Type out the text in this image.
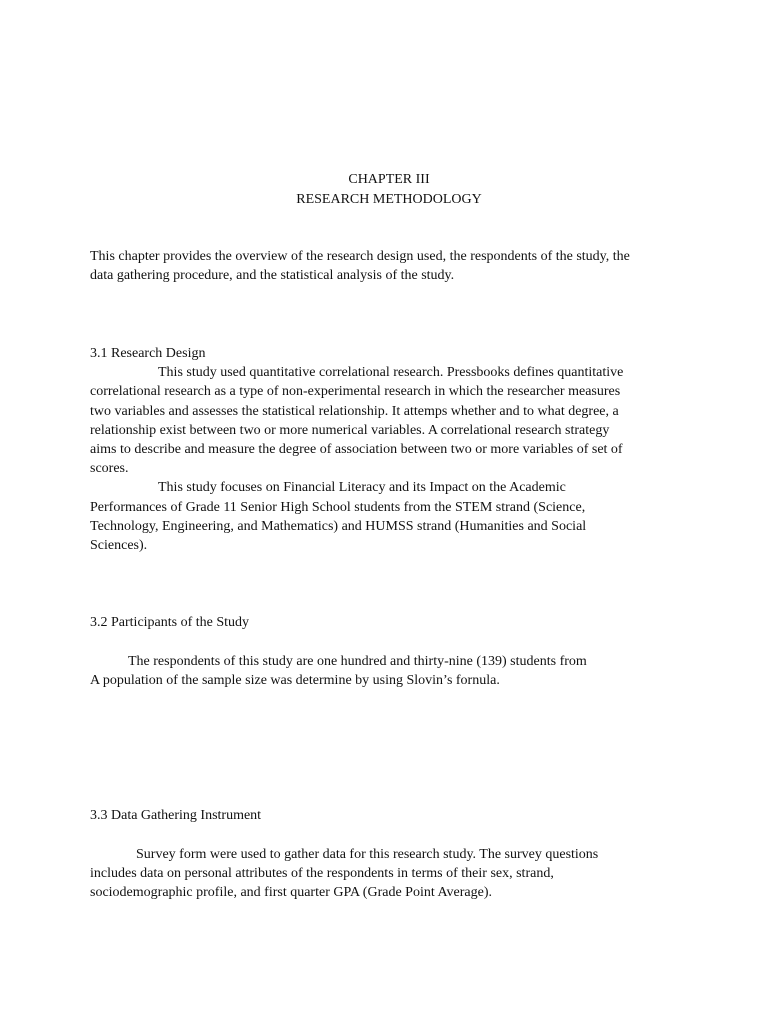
CHAPTER III
RESEARCH METHODOLOGY
This chapter provides the overview of the research design used, the respondents of the study, the
data gathering procedure, and the statistical analysis of the study.
3.1 Research Design
This study used quantitative correlational research. Pressbooks defines quantitative
correlational research as a type of non-experimental research in which the researcher measures
two variables and assesses the statistical relationship. It attemps whether and to what degree, a
relationship exist between two or more numerical variables. A correlational research strategy
aims to describe and measure the degree of association between two or more variables of set of
scores.
This study focuses on Financial Literacy and its Impact on the Academic
Performances of Grade 11 Senior High School students from the STEM strand (Science,
Technology, Engineering, and Mathematics) and HUMSS strand (Humanities and Social
Sciences).
3.2 Participants of the Study
The respondents of this study are one hundred and thirty-nine (139) students from
A population of the sample size was determine by using Slovin’s fornula.
3.3 Data Gathering Instrument
Survey form were used to gather data for this research study. The survey questions
includes data on personal attributes of the respondents in terms of their sex, strand,
sociodemographic profile, and first quarter GPA (Grade Point Average).
